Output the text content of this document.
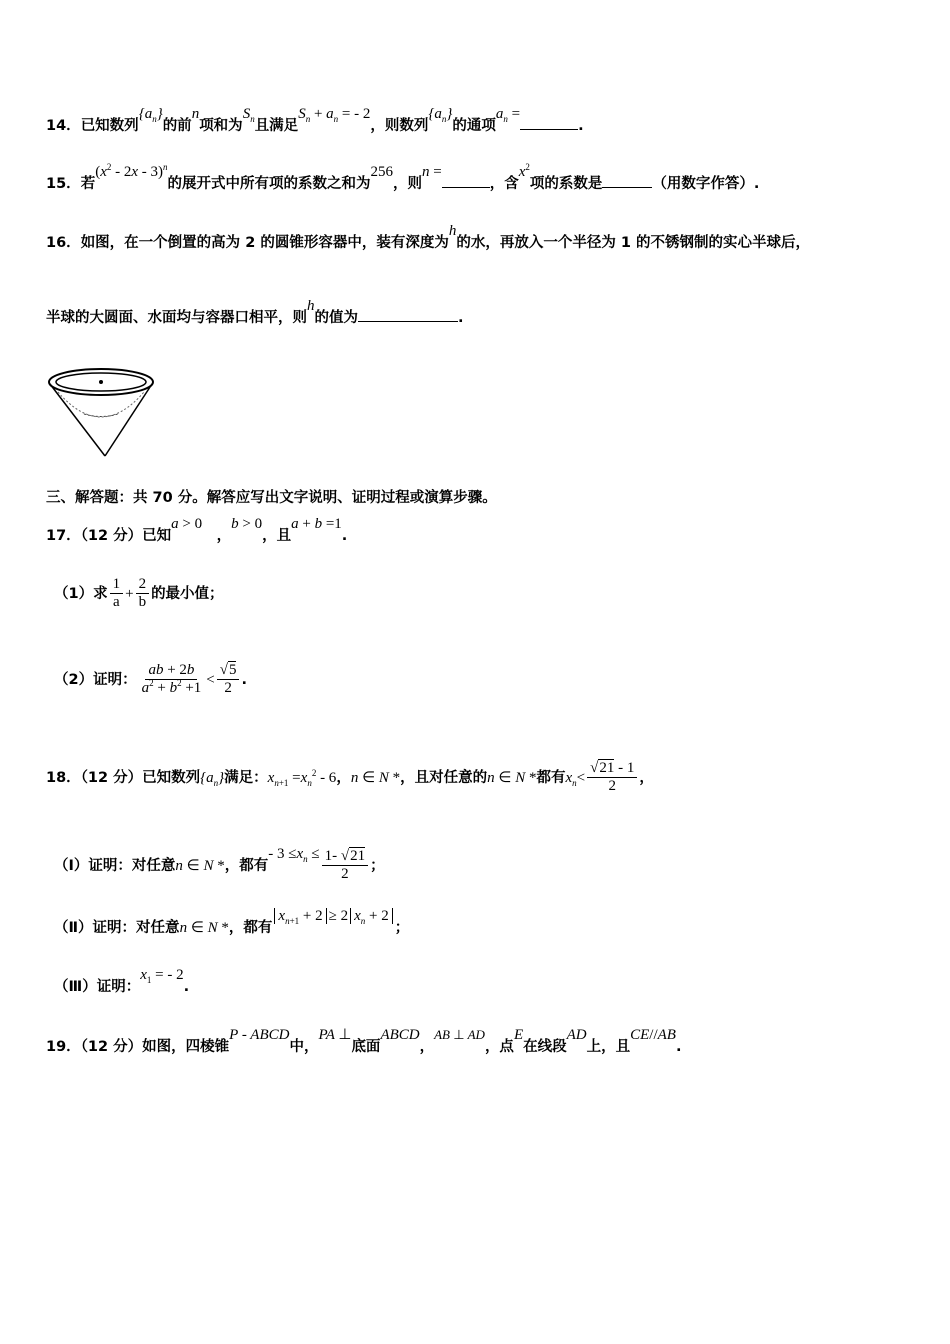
14．已知数列$\{a_n\}$的前n项和为$S_n$且满足$S_n + a_n$ = - 2，则数列$\{a_n\}$的通项$a_n$ =.
15．若$(x^2 - 2x - 3)^n$的展开式中所有项的系数之和为256，则n =，含$x^2$项的系数是	（用数字作答）.
16．如图，在一个倒置的高为 2 的圆锥形容器中，装有深度为h的水，再放入一个半径为 1 的不锈钢制的实心半球后，
半球的大圆面、水面均与容器口相平，则h的值为	.
三、解答题：共 70 分。解答应写出文字说明、证明过程或演算步骤。
17．（12 分）已知a > 0　，b > 0，且a + b =1.
（1）求 $\frac{1}{a} + \frac{2}{b}$ 的最小值；
（2）证明： $\frac{ab + 2b}{a^2 + b^2 +1} < \frac{√5}{2}$ .
18．（12 分）已知数列$\{a_n\}$满足：$x_{n+1} =x_n^2 - 6$，n ∈ N *，且对任意的n ∈ N *都有$x_n< \frac{√21 - 1}{2}$ ，
（Ⅰ）证明：对任意n ∈ N *，都有- $3 \le x_n \le \frac{1- √21}{2}$ ；
（Ⅱ）证明：对任意n ∈ N *，都有$x_{n+1} + 2 \ge 2$ $x_n + 2$；
（Ⅲ）证明：$x_1$ = - 2.
19．（12 分）如图，四棱锥P - ABCD中，PA ⊥底面ABCD，AB ⊥ AD，点E在线段AD上，且CE//AB.
